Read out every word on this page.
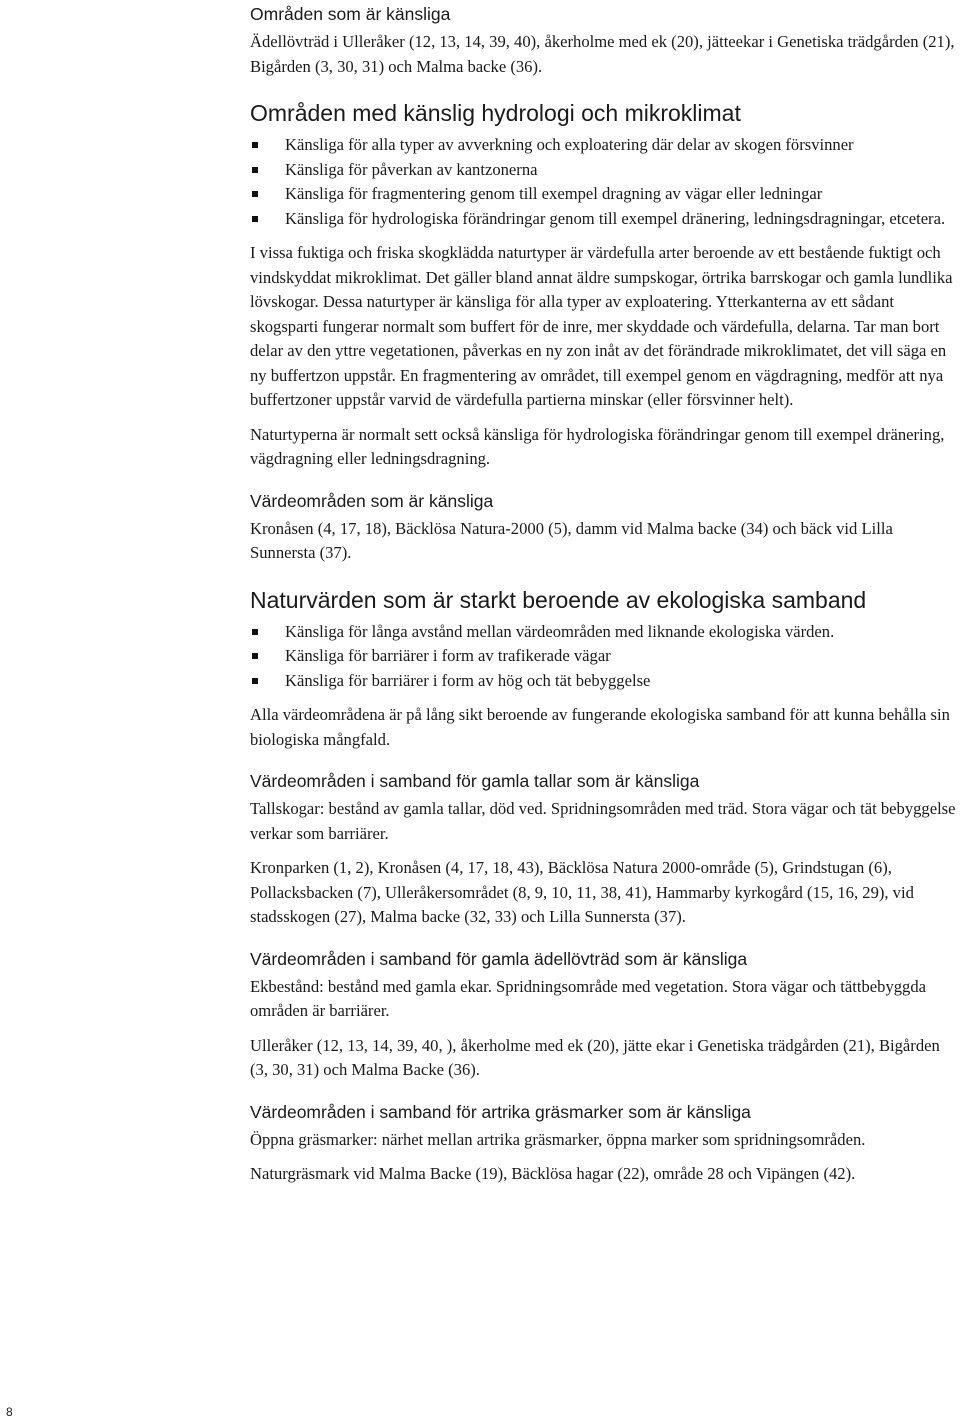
Områden som är känsliga

Ädellövträd i Ulleråker (12, 13, 14, 39, 40), åkerholme med ek (20), jätteekar i Genetiska trädgården (21), Bigården (3, 30, 31) och Malma backe (36).

Områden med känslig hydrologi och mikroklimat
Känsliga för alla typer av avverkning och exploatering där delar av skogen försvinner
Känsliga för påverkan av kantzonerna
Känsliga för fragmentering genom till exempel dragning av vägar eller ledningar
Känsliga för hydrologiska förändringar genom till exempel dränering, ledningsdragningar, etcetera.

I vissa fuktiga och friska skogklädda naturtyper är värdefulla arter beroende av ett bestående fuktigt och vindskyddat mikroklimat. Det gäller bland annat äldre sumpskogar, örtrika barrskogar och gamla lundlika lövskogar. Dessa naturtyper är känsliga för alla typer av exploatering. Ytterkanterna av ett sådant skogsparti fungerar normalt som buffert för de inre, mer skyddade och värdefulla, delarna. Tar man bort delar av den yttre vegetationen, påverkas en ny zon inåt av det förändrade mikroklimatet, det vill säga en ny buffertzon uppstår. En fragmentering av området, till exempel genom en vägdragning, medför att nya buffertzoner uppstår varvid de värdefulla partierna minskar (eller försvinner helt).

Naturtyperna är normalt sett också känsliga för hydrologiska förändringar genom till exempel dränering, vägdragning eller ledningsdragning.

Värdeområden som är känsliga

Kronåsen (4, 17, 18), Bäcklösa Natura-2000 (5), damm vid Malma backe (34) och bäck vid Lilla Sunnersta (37).

Naturvärden som är starkt beroende av ekologiska samband
Känsliga för långa avstånd mellan värdeområden med liknande ekologiska värden.
Känsliga för barriärer i form av trafikerade vägar
Känsliga för barriärer i form av hög och tät bebyggelse

Alla värdeområdena är på lång sikt beroende av fungerande ekologiska samband för att kunna behålla sin biologiska mångfald.

Värdeområden i samband för gamla tallar som är känsliga

Tallskogar: bestånd av gamla tallar, död ved. Spridningsområden med träd. Stora vägar och tät bebyggelse verkar som barriärer.

Kronparken (1, 2), Kronåsen (4, 17, 18, 43), Bäcklösa Natura 2000-område (5), Grindstugan (6), Pollacksbacken (7), Ulleråkersområdet (8, 9, 10, 11, 38, 41), Hammarby kyrkogård (15, 16, 29), vid stadsskogen (27), Malma backe (32, 33) och Lilla Sunnersta (37).

Värdeområden i samband för gamla ädellövträd som är känsliga

Ekbestånd: bestånd med gamla ekar. Spridningsområde med vegetation. Stora vägar och tättbebyggda områden är barriärer.

Ulleråker (12, 13, 14, 39, 40, ), åkerholme med ek (20), jätte ekar i Genetiska trädgården (21), Bigården (3, 30, 31) och Malma Backe (36).

Värdeområden i samband för artrika gräsmarker som är känsliga

Öppna gräsmarker: närhet mellan artrika gräsmarker, öppna marker som spridningsområden.

Naturgräsmark vid Malma Backe (19), Bäcklösa hagar (22), område 28 och Vipängen (42).

8
